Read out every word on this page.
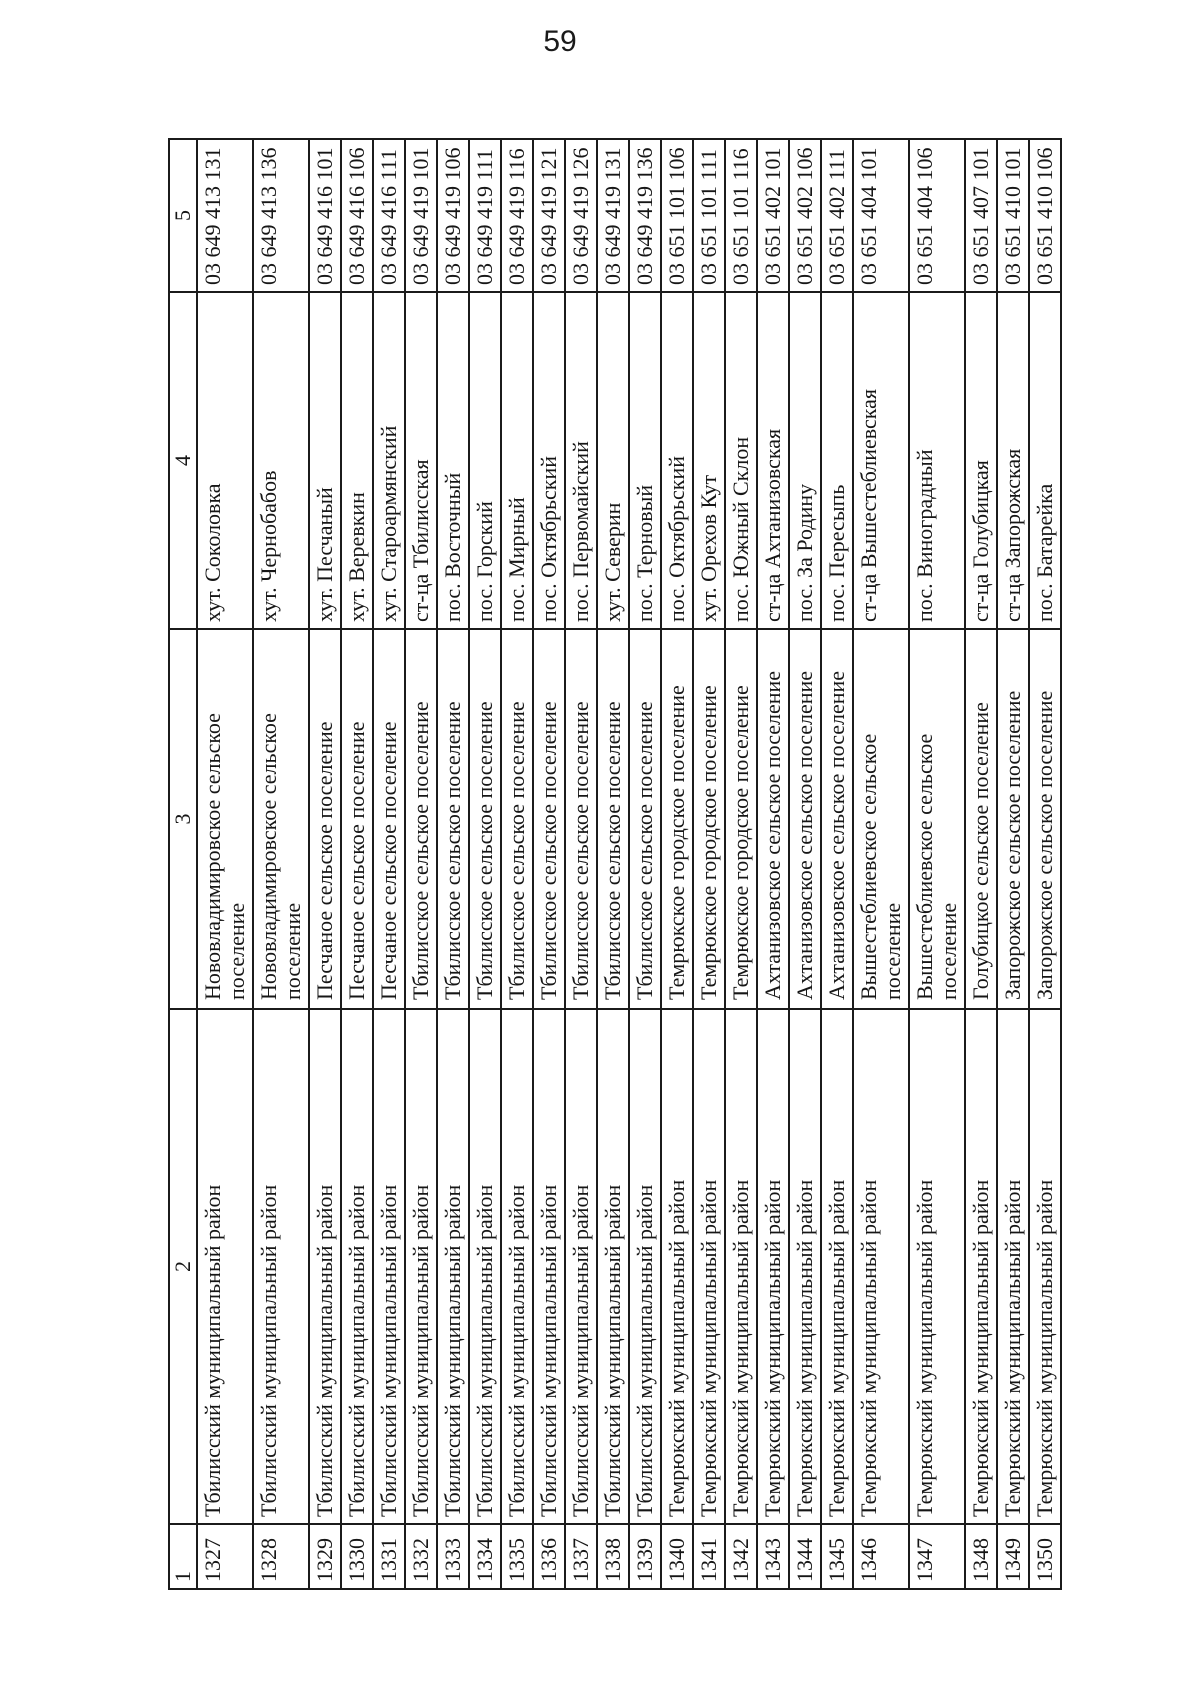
59
1	2	3	4	5
1327	Тбилисский муниципальный район	Нововладимировское сельское поселение	хут. Соколовка	03 649 413 131
1328	Тбилисский муниципальный район	Нововладимировское сельское поселение	хут. Чернобабов	03 649 413 136
1329	Тбилисский муниципальный район	Песчаное сельское поселение	хут. Песчаный	03 649 416 101
1330	Тбилисский муниципальный район	Песчаное сельское поселение	хут. Веревкин	03 649 416 106
1331	Тбилисский муниципальный район	Песчаное сельское поселение	хут. Староармянский	03 649 416 111
1332	Тбилисский муниципальный район	Тбилисское сельское поселение	ст-ца Тбилисская	03 649 419 101
1333	Тбилисский муниципальный район	Тбилисское сельское поселение	пос. Восточный	03 649 419 106
1334	Тбилисский муниципальный район	Тбилисское сельское поселение	пос. Горский	03 649 419 111
1335	Тбилисский муниципальный район	Тбилисское сельское поселение	пос. Мирный	03 649 419 116
1336	Тбилисский муниципальный район	Тбилисское сельское поселение	пос. Октябрьский	03 649 419 121
1337	Тбилисский муниципальный район	Тбилисское сельское поселение	пос. Первомайский	03 649 419 126
1338	Тбилисский муниципальный район	Тбилисское сельское поселение	хут. Северин	03 649 419 131
1339	Тбилисский муниципальный район	Тбилисское сельское поселение	пос. Терновый	03 649 419 136
1340	Темрюкский муниципальный район	Темрюкское городское поселение	пос. Октябрьский	03 651 101 106
1341	Темрюкский муниципальный район	Темрюкское городское поселение	хут. Орехов Кут	03 651 101 111
1342	Темрюкский муниципальный район	Темрюкское городское поселение	пос. Южный Склон	03 651 101 116
1343	Темрюкский муниципальный район	Ахтанизовское сельское поселение	ст-ца Ахтанизовская	03 651 402 101
1344	Темрюкский муниципальный район	Ахтанизовское сельское поселение	пос. За Родину	03 651 402 106
1345	Темрюкский муниципальный район	Ахтанизовское сельское поселение	пос. Пересыпь	03 651 402 111
1346	Темрюкский муниципальный район	Вышестеблиевское сельское поселение	ст-ца Вышестеблиевская	03 651 404 101
1347	Темрюкский муниципальный район	Вышестеблиевское сельское поселение	пос. Виноградный	03 651 404 106
1348	Темрюкский муниципальный район	Голубицкое сельское поселение	ст-ца Голубицкая	03 651 407 101
1349	Темрюкский муниципальный район	Запорожское сельское поселение	ст-ца Запорожская	03 651 410 101
1350	Темрюкский муниципальный район	Запорожское сельское поселение	пос. Батарейка	03 651 410 106
